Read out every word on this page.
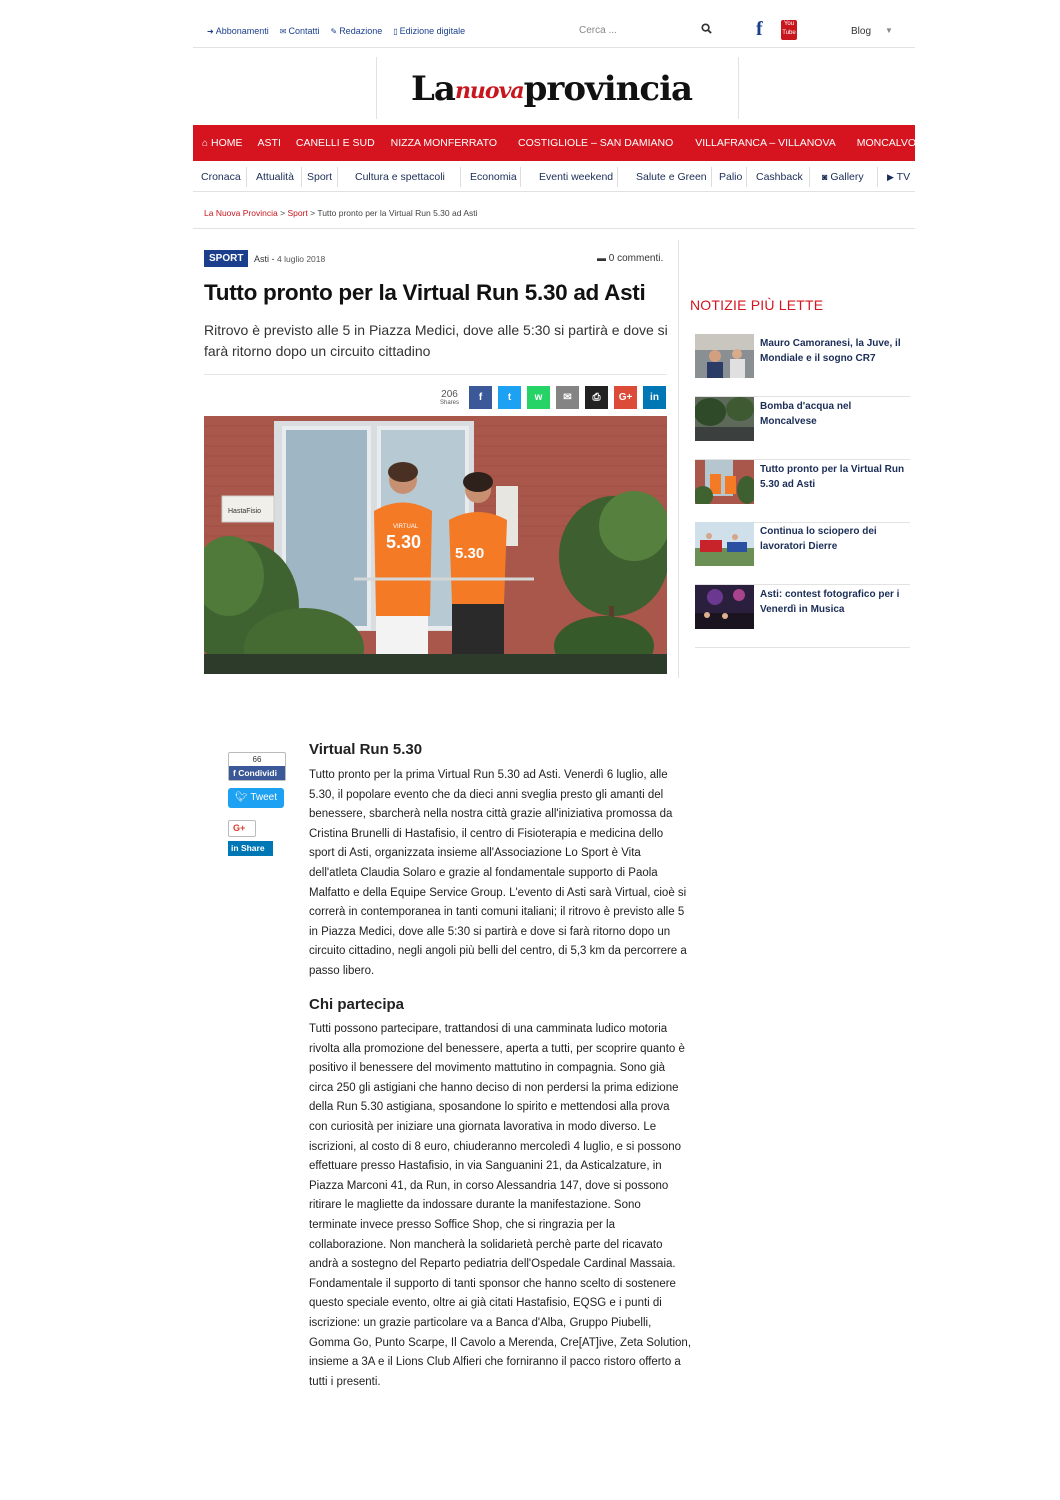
➜ Abbonamenti ✉ Contatti ✎ Redazione ▯ Edizione digitale	Cerca ...	f	You Tube	Blog ▼
Lanuovaprovincia
⌂ HOME ASTI CANELLI E SUD NIZZA MONFERRATO COSTIGLIOLE – SAN DAMIANO VILLAFRANCA – VILLANOVA MONCALVO E NORD
Cronaca Attualità Sport Cultura e spettacoli Economia Eventi weekend Salute e Green Palio Cashback ◙ Gallery	▶ TV
La Nuova Provincia > Sport > Tutto pronto per la Virtual Run 5.30 ad Asti
SPORT	Asti - 4 luglio 2018	▬ 0 commenti.
Tutto pronto per la Virtual Run 5.30 ad Asti
Ritrovo è previsto alle 5 in Piazza Medici, dove alle 5:30 si partirà e dove si farà ritorno dopo un circuito cittadino
206
Shares	f	t	w	✉	⎙	G+	in
HastaFisio
VIRTUAL
5.30
5.30
NOTIZIE PIÙ LETTE
Mauro Camoranesi, la Juve, il Mondiale e il sogno CR7
Bomba d'acqua nel Moncalvese
Tutto pronto per la Virtual Run 5.30 ad Asti
Continua lo sciopero dei lavoratori Dierre
Asti: contest fotografico per i Venerdì in Musica
66
f Condividi
🐦︎ Tweet
G+
in Share
Virtual Run 5.30
Tutto pronto per la prima Virtual Run 5.30 ad Asti. Venerdì 6 luglio, alle 5.30, il popolare evento che da dieci anni sveglia presto gli amanti del benessere, sbarcherà nella nostra città grazie all'iniziativa promossa da Cristina Brunelli di Hastafisio, il centro di Fisioterapia e medicina dello sport di Asti, organizzata insieme all'Associazione Lo Sport è Vita dell'atleta Claudia Solaro e grazie al fondamentale supporto di Paola Malfatto e della Equipe Service Group. L'evento di Asti sarà Virtual, cioè si correrà in contemporanea in tanti comuni italiani; il ritrovo è previsto alle 5 in Piazza Medici, dove alle 5:30 si partirà e dove si farà ritorno dopo un circuito cittadino, negli angoli più belli del centro, di 5,3 km da percorrere a passo libero.
Chi partecipa
Tutti possono partecipare, trattandosi di una camminata ludico motoria rivolta alla promozione del benessere, aperta a tutti, per scoprire quanto è positivo il benessere del movimento mattutino in compagnia. Sono già circa 250 gli astigiani che hanno deciso di non perdersi la prima edizione della Run 5.30 astigiana, sposandone lo spirito e mettendosi alla prova con curiosità per iniziare una giornata lavorativa in modo diverso. Le iscrizioni, al costo di 8 euro, chiuderanno mercoledì 4 luglio, e si possono effettuare presso Hastafisio, in via Sanguanini 21, da Asticalzature, in Piazza Marconi 41, da Run, in corso Alessandria 147, dove si possono ritirare le magliette da indossare durante la manifestazione. Sono terminate invece presso Soffice Shop, che si ringrazia per la collaborazione. Non mancherà la solidarietà perchè parte del ricavato andrà a sostegno del Reparto pediatria dell'Ospedale Cardinal Massaia. Fondamentale il supporto di tanti sponsor che hanno scelto di sostenere questo speciale evento, oltre ai già citati Hastafisio, EQSG e i punti di iscrizione: un grazie particolare va a Banca d'Alba, Gruppo Piubelli, Gomma Go, Punto Scarpe, Il Cavolo a Merenda, Cre[AT]ive, Zeta Solution, insieme a 3A e il Lions Club Alfieri che forniranno il pacco ristoro offerto a tutti i presenti.
